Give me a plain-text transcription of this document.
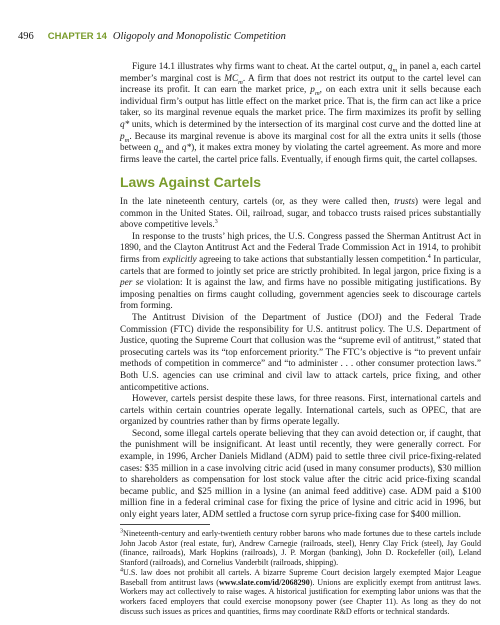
496 CHAPTER 14 Oligopoly and Monopolistic Competition

Figure 14.1 illustrates why firms want to cheat. At the cartel output, $q_m$ in panel a, each cartel member’s marginal cost is $MC_m$. A firm that does not restrict its output to the cartel level can increase its profit. It can earn the market price, $p_m$, on each extra unit it sells because each individual firm’s output has little effect on the market price. That is, the firm can act like a price taker, so its marginal revenue equals the market price. The firm maximizes its profit by selling q* units, which is determined by the intersection of its marginal cost curve and the dotted line at $p_m$. Because its marginal revenue is above its marginal cost for all the extra units it sells (those between $q_m$ and q*), it makes extra money by violating the cartel agreement. As more and more firms leave the cartel, the cartel price falls. Eventually, if enough firms quit, the cartel collapses.

Laws Against Cartels

In the late nineteenth century, cartels (or, as they were called then, trusts) were legal and common in the United States. Oil, railroad, sugar, and tobacco trusts raised prices substantially above competitive levels.$^3$

In response to the trusts’ high prices, the U.S. Congress passed the Sherman Antitrust Act in 1890, and the Clayton Antitrust Act and the Federal Trade Commission Act in 1914, to prohibit firms from explicitly agreeing to take actions that substantially lessen competition.$^4$ In particular, cartels that are formed to jointly set price are strictly prohibited. In legal jargon, price fixing is a per se violation: It is against the law, and firms have no possible mitigating justifications. By imposing penalties on firms caught colluding, government agencies seek to discourage cartels from forming.

The Antitrust Division of the Department of Justice (DOJ) and the Federal Trade Commission (FTC) divide the responsibility for U.S. antitrust policy. The U.S. Department of Justice, quoting the Supreme Court that collusion was the “supreme evil of antitrust,” stated that prosecuting cartels was its “top enforcement priority.” The FTC’s objective is “to prevent unfair methods of competition in commerce” and “to administer . . . other consumer protection laws.” Both U.S. agencies can use criminal and civil law to attack cartels, price fixing, and other anticompetitive actions.

However, cartels persist despite these laws, for three reasons. First, international cartels and cartels within certain countries operate legally. International cartels, such as OPEC, that are organized by countries rather than by firms operate legally.

Second, some illegal cartels operate believing that they can avoid detection or, if caught, that the punishment will be insignificant. At least until recently, they were generally correct. For example, in 1996, Archer Daniels Midland (ADM) paid to settle three civil price-fixing-related cases: $35 million in a case involving citric acid (used in many consumer products), $30 million to shareholders as compensation for lost stock value after the citric acid price-fixing scandal became public, and $25 million in a lysine (an animal feed additive) case. ADM paid a $100 million fine in a federal criminal case for fixing the price of lysine and citric acid in 1996, but only eight years later, ADM settled a fructose corn syrup price-fixing case for $400 million.

$^3$Nineteenth-century and early-twentieth century robber barons who made fortunes due to these cartels include John Jacob Astor (real estate, fur), Andrew Carnegie (railroads, steel), Henry Clay Frick (steel), Jay Gould (finance, railroads), Mark Hopkins (railroads), J. P. Morgan (banking), John D. Rockefeller (oil), Leland Stanford (railroads), and Cornelius Vanderbilt (railroads, shipping).

$^4$U.S. law does not prohibit all cartels. A bizarre Supreme Court decision largely exempted Major League Baseball from antitrust laws (www.slate.com/id/2068290). Unions are explicitly exempt from antitrust laws. Workers may act collectively to raise wages. A historical justification for exempting labor unions was that the workers faced employers that could exercise monopsony power (see Chapter 11). As long as they do not discuss such issues as prices and quantities, firms may coordinate R&D efforts or technical standards.
